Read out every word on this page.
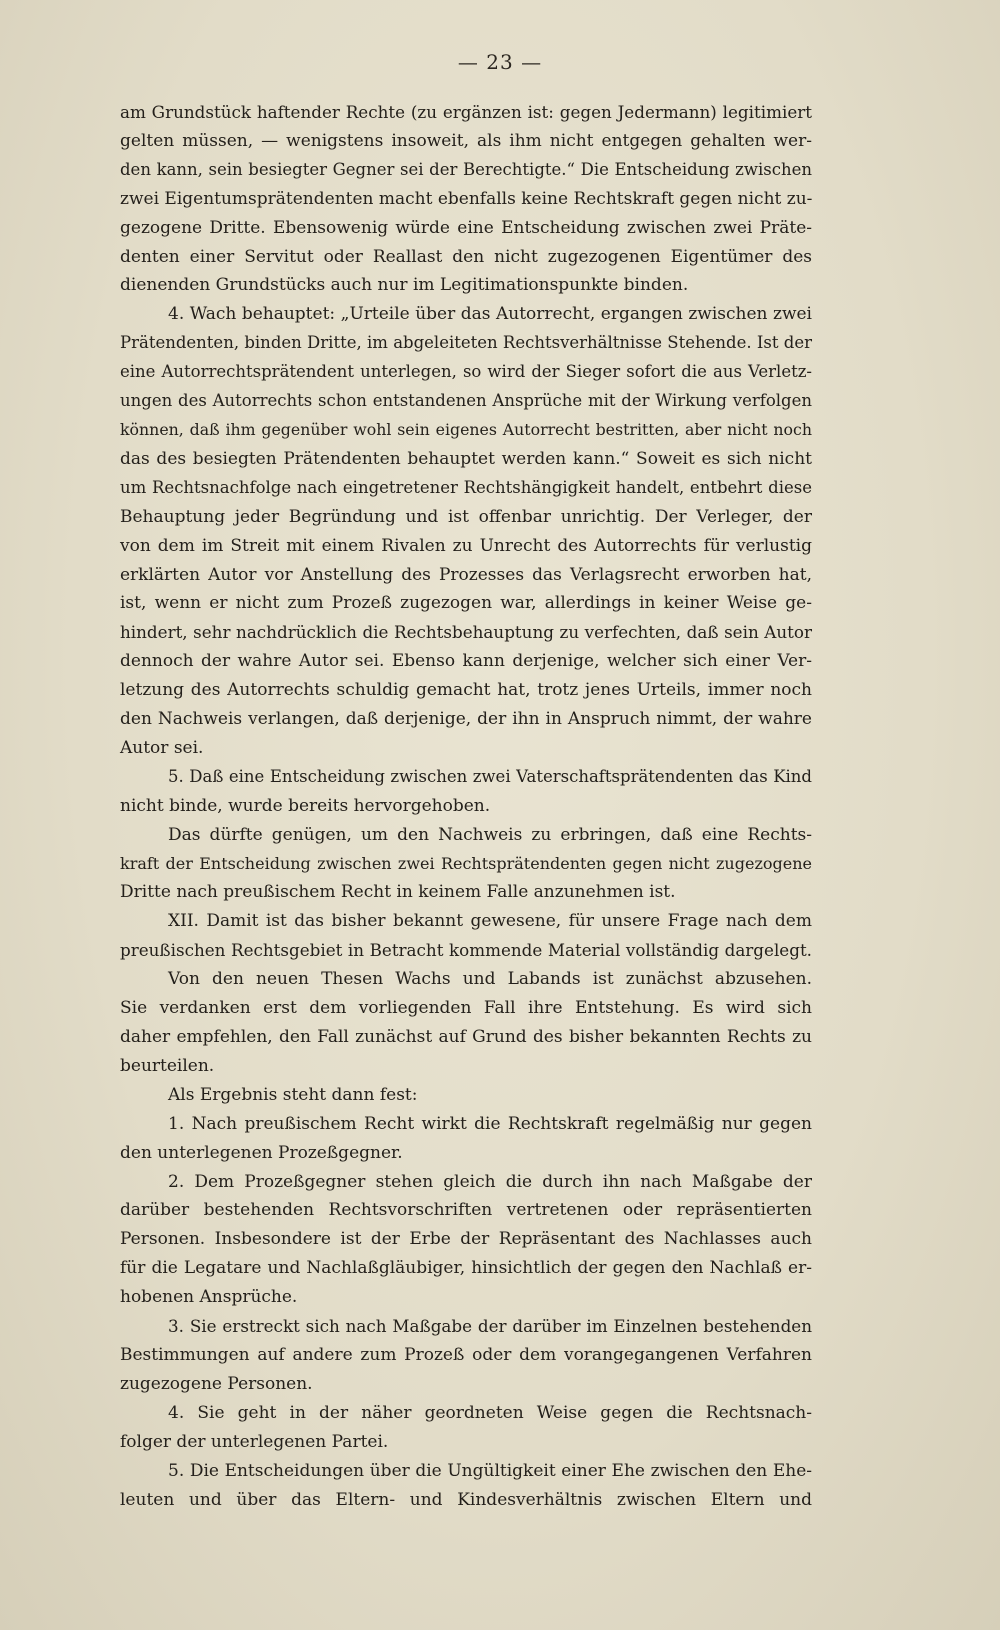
— 23 —

am Grundstück haftender Rechte (zu ergänzen ist: gegen Jedermann) legitimiert

gelten müssen, — wenigstens insoweit, als ihm nicht entgegen gehalten wer-

den kann, sein besiegter Gegner sei der Berechtigte.“ Die Entscheidung zwischen

zwei Eigentumsprätendenten macht ebenfalls keine Rechtskraft gegen nicht zu-

gezogene Dritte. Ebensowenig würde eine Entscheidung zwischen zwei Präte-

denten einer Servitut oder Reallast den nicht zugezogenen Eigentümer des

dienenden Grundstücks auch nur im Legitimationspunkte binden.

4. Wach behauptet: „Urteile über das Autorrecht, ergangen zwischen zwei

Prätendenten, binden Dritte, im abgeleiteten Rechtsverhältnisse Stehende. Ist der

eine Autorrechtsprätendent unterlegen, so wird der Sieger sofort die aus Verletz-

ungen des Autorrechts schon entstandenen Ansprüche mit der Wirkung verfolgen

können, daß ihm gegenüber wohl sein eigenes Autorrecht bestritten, aber nicht noch

das des besiegten Prätendenten behauptet werden kann.“ Soweit es sich nicht

um Rechtsnachfolge nach eingetretener Rechtshängigkeit handelt, entbehrt diese

Behauptung jeder Begründung und ist offenbar unrichtig. Der Verleger, der

von dem im Streit mit einem Rivalen zu Unrecht des Autorrechts für verlustig

erklärten Autor vor Anstellung des Prozesses das Verlagsrecht erworben hat,

ist, wenn er nicht zum Prozeß zugezogen war, allerdings in keiner Weise ge-

hindert, sehr nachdrücklich die Rechtsbehauptung zu verfechten, daß sein Autor

dennoch der wahre Autor sei. Ebenso kann derjenige, welcher sich einer Ver-

letzung des Autorrechts schuldig gemacht hat, trotz jenes Urteils, immer noch

den Nachweis verlangen, daß derjenige, der ihn in Anspruch nimmt, der wahre

Autor sei.

5. Daß eine Entscheidung zwischen zwei Vaterschaftsprätendenten das Kind

nicht binde, wurde bereits hervorgehoben.

Das dürfte genügen, um den Nachweis zu erbringen, daß eine Rechts-

kraft der Entscheidung zwischen zwei Rechtsprätendenten gegen nicht zugezogene

Dritte nach preußischem Recht in keinem Falle anzunehmen ist.

XII. Damit ist das bisher bekannt gewesene, für unsere Frage nach dem

preußischen Rechtsgebiet in Betracht kommende Material vollständig dargelegt.

Von den neuen Thesen Wachs und Labands ist zunächst abzusehen.

Sie verdanken erst dem vorliegenden Fall ihre Entstehung. Es wird sich

daher empfehlen, den Fall zunächst auf Grund des bisher bekannten Rechts zu

beurteilen.

Als Ergebnis steht dann fest:

1. Nach preußischem Recht wirkt die Rechtskraft regelmäßig nur gegen

den unterlegenen Prozeßgegner.

2. Dem Prozeßgegner stehen gleich die durch ihn nach Maßgabe der

darüber bestehenden Rechtsvorschriften vertretenen oder repräsentierten

Personen. Insbesondere ist der Erbe der Repräsentant des Nachlasses auch

für die Legatare und Nachlaßgläubiger, hinsichtlich der gegen den Nachlaß er-

hobenen Ansprüche.

3. Sie erstreckt sich nach Maßgabe der darüber im Einzelnen bestehenden

Bestimmungen auf andere zum Prozeß oder dem vorangegangenen Verfahren

zugezogene Personen.

4. Sie geht in der näher geordneten Weise gegen die Rechtsnach-

folger der unterlegenen Partei.

5. Die Entscheidungen über die Ungültigkeit einer Ehe zwischen den Ehe-

leuten und über das Eltern- und Kindesverhältnis zwischen Eltern und
